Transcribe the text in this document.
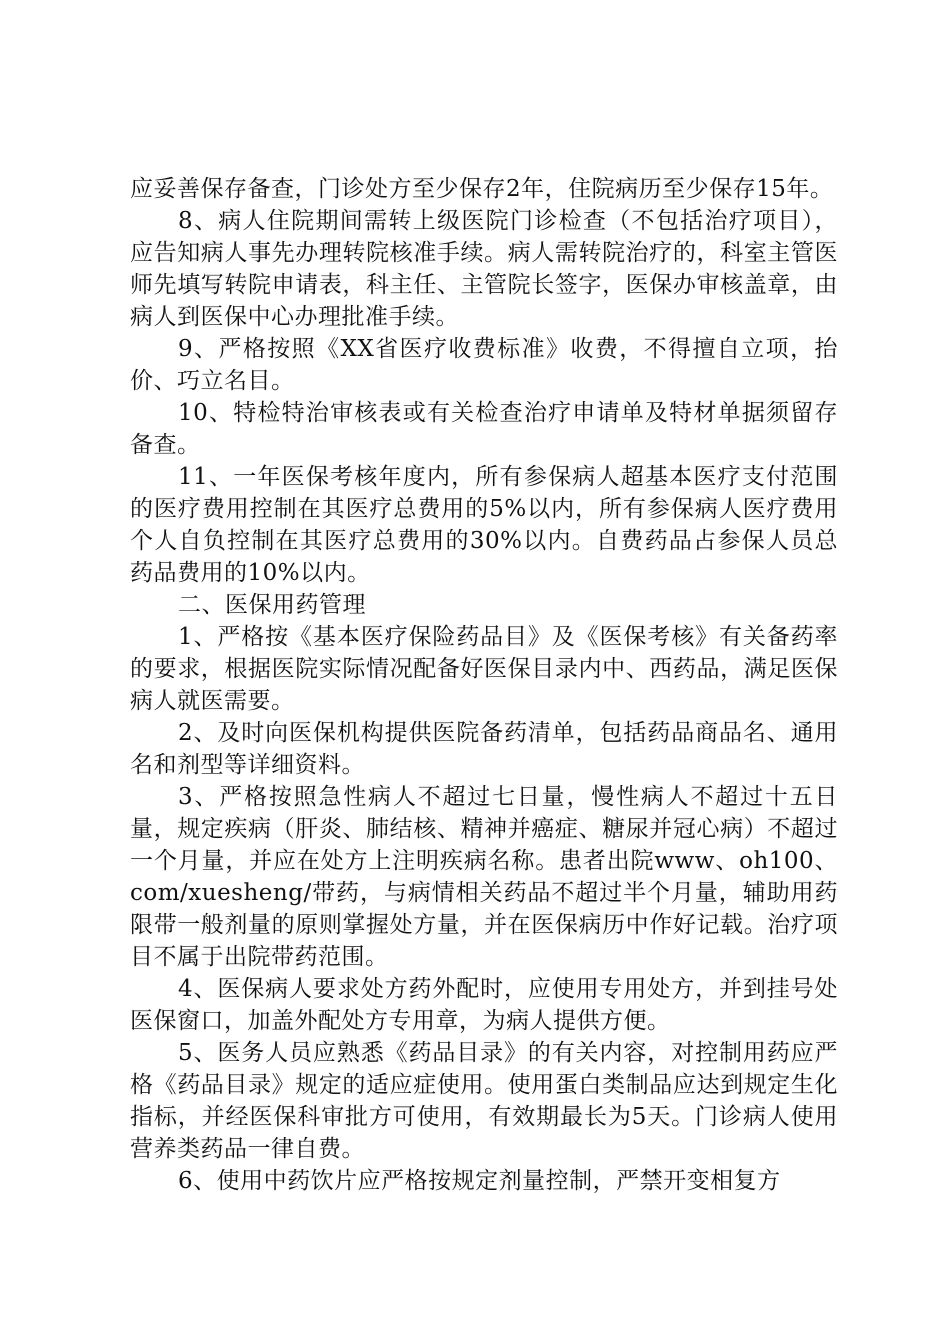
应妥善保存备查，门诊处方至少保存2年，住院病历至少保存15年。

8、病人住院期间需转上级医院门诊检查（不包括治疗项目），应告知病人事先办理转院核准手续。病人需转院治疗的，科室主管医师先填写转院申请表，科主任、主管院长签字，医保办审核盖章，由病人到医保中心办理批准手续。

9、严格按照《XX省医疗收费标准》收费，不得擅自立项，抬价、巧立名目。

10、特检特治审核表或有关检查治疗申请单及特材单据须留存备查。

11、一年医保考核年度内，所有参保病人超基本医疗支付范围的医疗费用控制在其医疗总费用的5%以内，所有参保病人医疗费用个人自负控制在其医疗总费用的30%以内。自费药品占参保人员总药品费用的10%以内。

二、医保用药管理

1、严格按《基本医疗保险药品目》及《医保考核》有关备药率的要求，根据医院实际情况配备好医保目录内中、西药品，满足医保病人就医需要。

2、及时向医保机构提供医院备药清单，包括药品商品名、通用名和剂型等详细资料。

3、严格按照急性病人不超过七日量，慢性病人不超过十五日量，规定疾病（肝炎、肺结核、精神并癌症、糖尿并冠心病）不超过一个月量，并应在处方上注明疾病名称。患者出院www、oh100、com/xuesheng/带药，与病情相关药品不超过半个月量，辅助用药限带一般剂量的原则掌握处方量，并在医保病历中作好记载。治疗项目不属于出院带药范围。

4、医保病人要求处方药外配时，应使用专用处方，并到挂号处医保窗口，加盖外配处方专用章，为病人提供方便。

5、医务人员应熟悉《药品目录》的有关内容，对控制用药应严格《药品目录》规定的适应症使用。使用蛋白类制品应达到规定生化指标，并经医保科审批方可使用，有效期最长为5天。门诊病人使用营养类药品一律自费。

6、使用中药饮片应严格按规定剂量控制，严禁开变相复方
